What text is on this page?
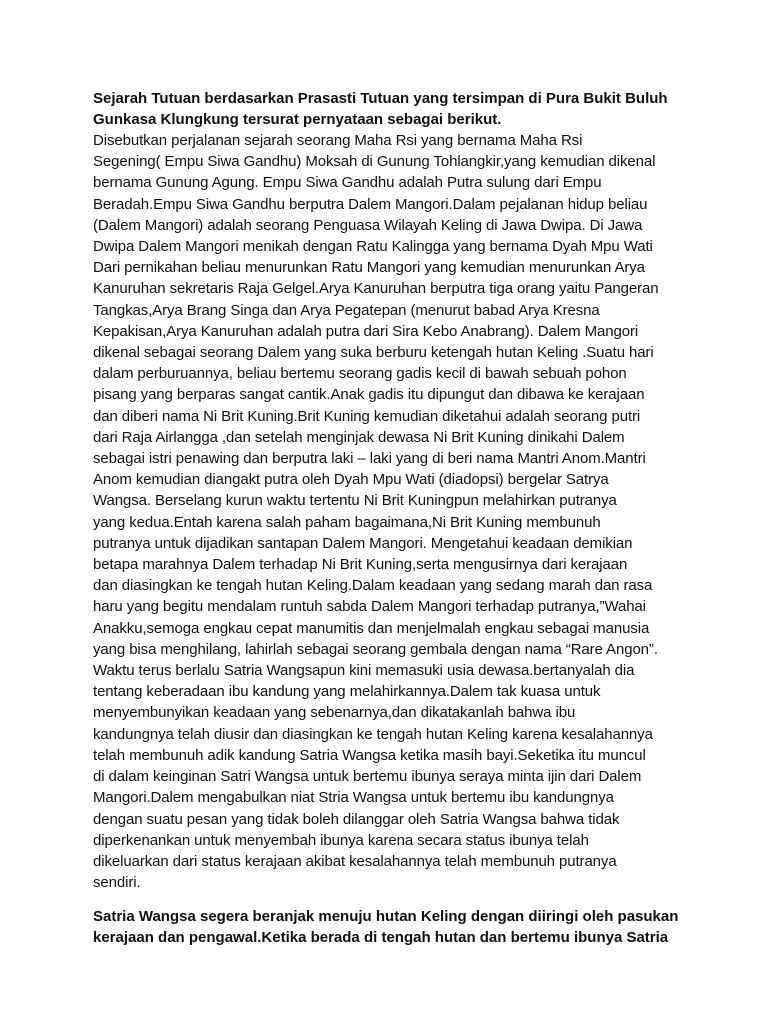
Sejarah Tutuan berdasarkan Prasasti Tutuan yang tersimpan di Pura Bukit Buluh Gunkasa Klungkung tersurat pernyataan sebagai berikut.

Disebutkan perjalanan sejarah seorang Maha Rsi yang bernama Maha Rsi
Segening( Empu Siwa Gandhu) Moksah di Gunung Tohlangkir,yang kemudian dikenal
bernama Gunung Agung. Empu Siwa Gandhu adalah Putra sulung dari Empu
Beradah.Empu Siwa Gandhu berputra Dalem Mangori.Dalam pejalanan hidup beliau
(Dalem Mangori) adalah seorang Penguasa Wilayah Keling di Jawa Dwipa. Di Jawa
Dwipa Dalem Mangori menikah dengan Ratu Kalingga yang bernama Dyah Mpu Wati
Dari pernikahan beliau menurunkan Ratu Mangori yang kemudian menurunkan Arya
Kanuruhan sekretaris Raja Gelgel.Arya Kanuruhan berputra tiga orang yaitu Pangeran
Tangkas,Arya Brang Singa dan Arya Pegatepan (menurut babad Arya Kresna
Kepakisan,Arya Kanuruhan adalah putra dari Sira Kebo Anabrang). Dalem Mangori
dikenal sebagai seorang Dalem yang suka berburu ketengah hutan Keling .Suatu hari
dalam perburuannya, beliau bertemu seorang gadis kecil di bawah sebuah pohon
pisang yang berparas sangat cantik.Anak gadis itu dipungut dan dibawa ke kerajaan
dan diberi nama Ni Brit Kuning.Brit Kuning kemudian diketahui adalah seorang putri
dari Raja Airlangga ,dan setelah menginjak dewasa Ni Brit Kuning dinikahi Dalem
sebagai istri penawing dan berputra laki – laki yang di beri nama Mantri Anom.Mantri
Anom kemudian diangakt putra oleh Dyah Mpu Wati (diadopsi) bergelar Satrya
Wangsa. Berselang kurun waktu tertentu Ni Brit Kuningpun melahirkan putranya
yang kedua.Entah karena salah paham bagaimana,Ni Brit Kuning membunuh
putranya untuk dijadikan santapan Dalem Mangori. Mengetahui keadaan demikian
betapa marahnya Dalem terhadap Ni Brit Kuning,serta mengusirnya dari kerajaan
dan diasingkan ke tengah hutan Keling.Dalam keadaan yang sedang marah dan rasa
haru yang begitu mendalam runtuh sabda Dalem Mangori terhadap putranya,”Wahai
Anakku,semoga engkau cepat manumitis dan menjelmalah engkau sebagai manusia
yang bisa menghilang, lahirlah sebagai seorang gembala dengan nama “Rare Angon”.
Waktu terus berlalu Satria Wangsapun kini memasuki usia dewasa.bertanyalah dia
tentang keberadaan ibu kandung yang melahirkannya.Dalem tak kuasa untuk
menyembunyikan keadaan yang sebenarnya,dan dikatakanlah bahwa ibu
kandungnya telah diusir dan diasingkan ke tengah hutan Keling karena kesalahannya
telah membunuh adik kandung Satria Wangsa ketika masih bayi.Seketika itu muncul
di dalam keinginan Satri Wangsa untuk bertemu ibunya seraya minta ijin dari Dalem
Mangori.Dalem mengabulkan niat Stria Wangsa untuk bertemu ibu kandungnya
dengan suatu pesan yang tidak boleh dilanggar oleh Satria Wangsa bahwa tidak
diperkenankan untuk menyembah ibunya karena secara status ibunya telah
dikeluarkan dari status kerajaan akibat kesalahannya telah membunuh putranya
sendiri.

Satria Wangsa segera beranjak menuju hutan Keling dengan diiringi oleh pasukan
kerajaan dan pengawal.Ketika berada di tengah hutan dan bertemu ibunya Satria
